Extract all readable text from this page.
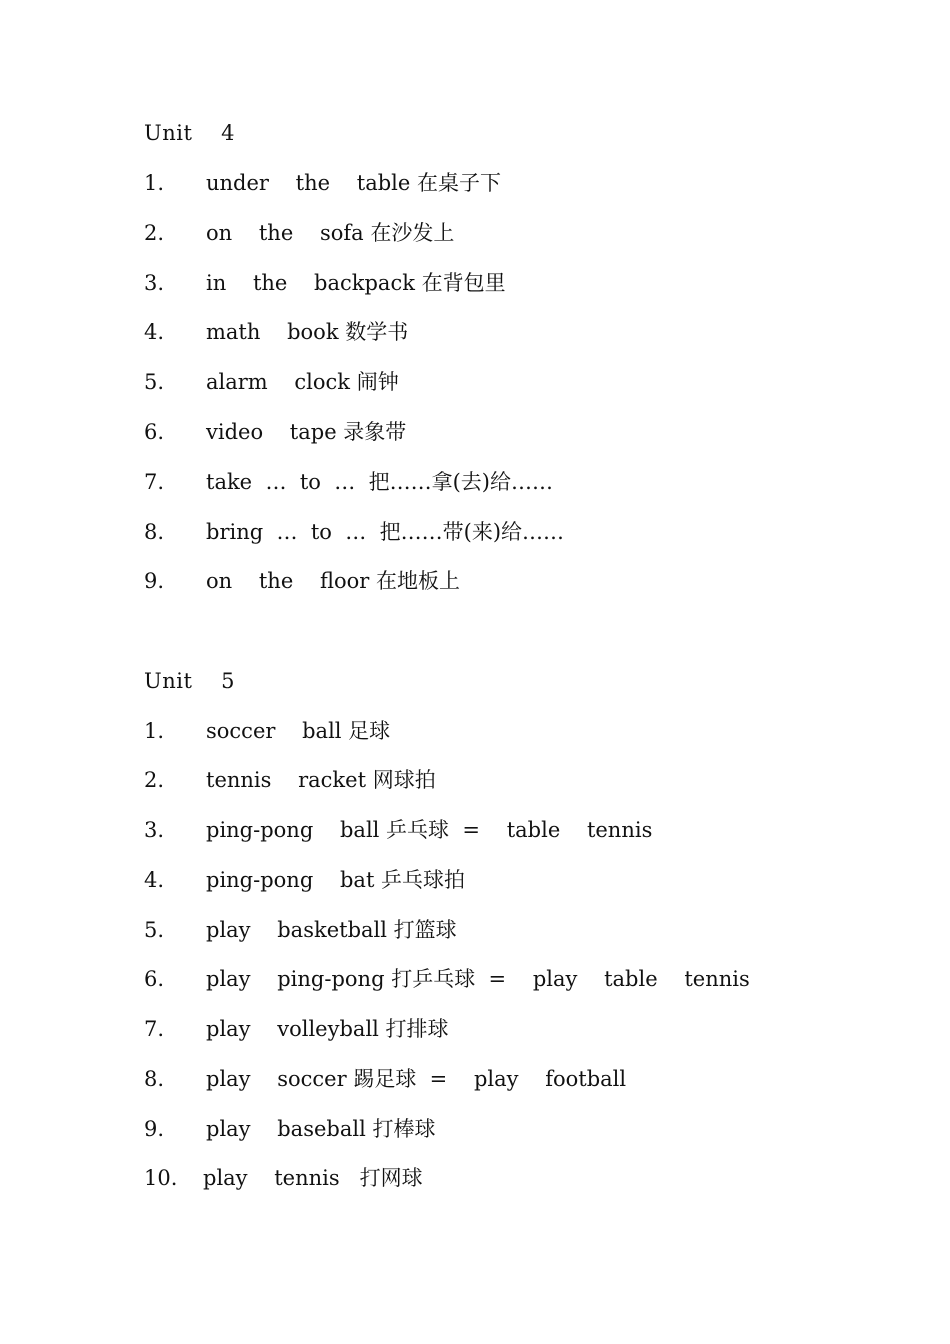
Unit    4
1. under    the    table 在桌子下
2. on    the    sofa 在沙发上
3. in    the    backpack 在背包里
4. math    book 数学书
5. alarm    clock 闹钟
6. video    tape 录象带
7. take  …  to  …  把……拿(去)给……
8. bring  …  to  …  把……带(来)给……
9. on    the    floor 在地板上
Unit    5
1. soccer    ball 足球
2. tennis    racket 网球拍
3. ping-pong    ball 乒乓球  =    table    tennis
4. ping-pong    bat 乒乓球拍
5. play    basketball 打篮球
6. play    ping-pong 打乒乓球  =    play    table    tennis
7. play    volleyball 打排球
8. play    soccer 踢足球  =    play    football
9. play    baseball 打棒球
10. play    tennis   打网球
